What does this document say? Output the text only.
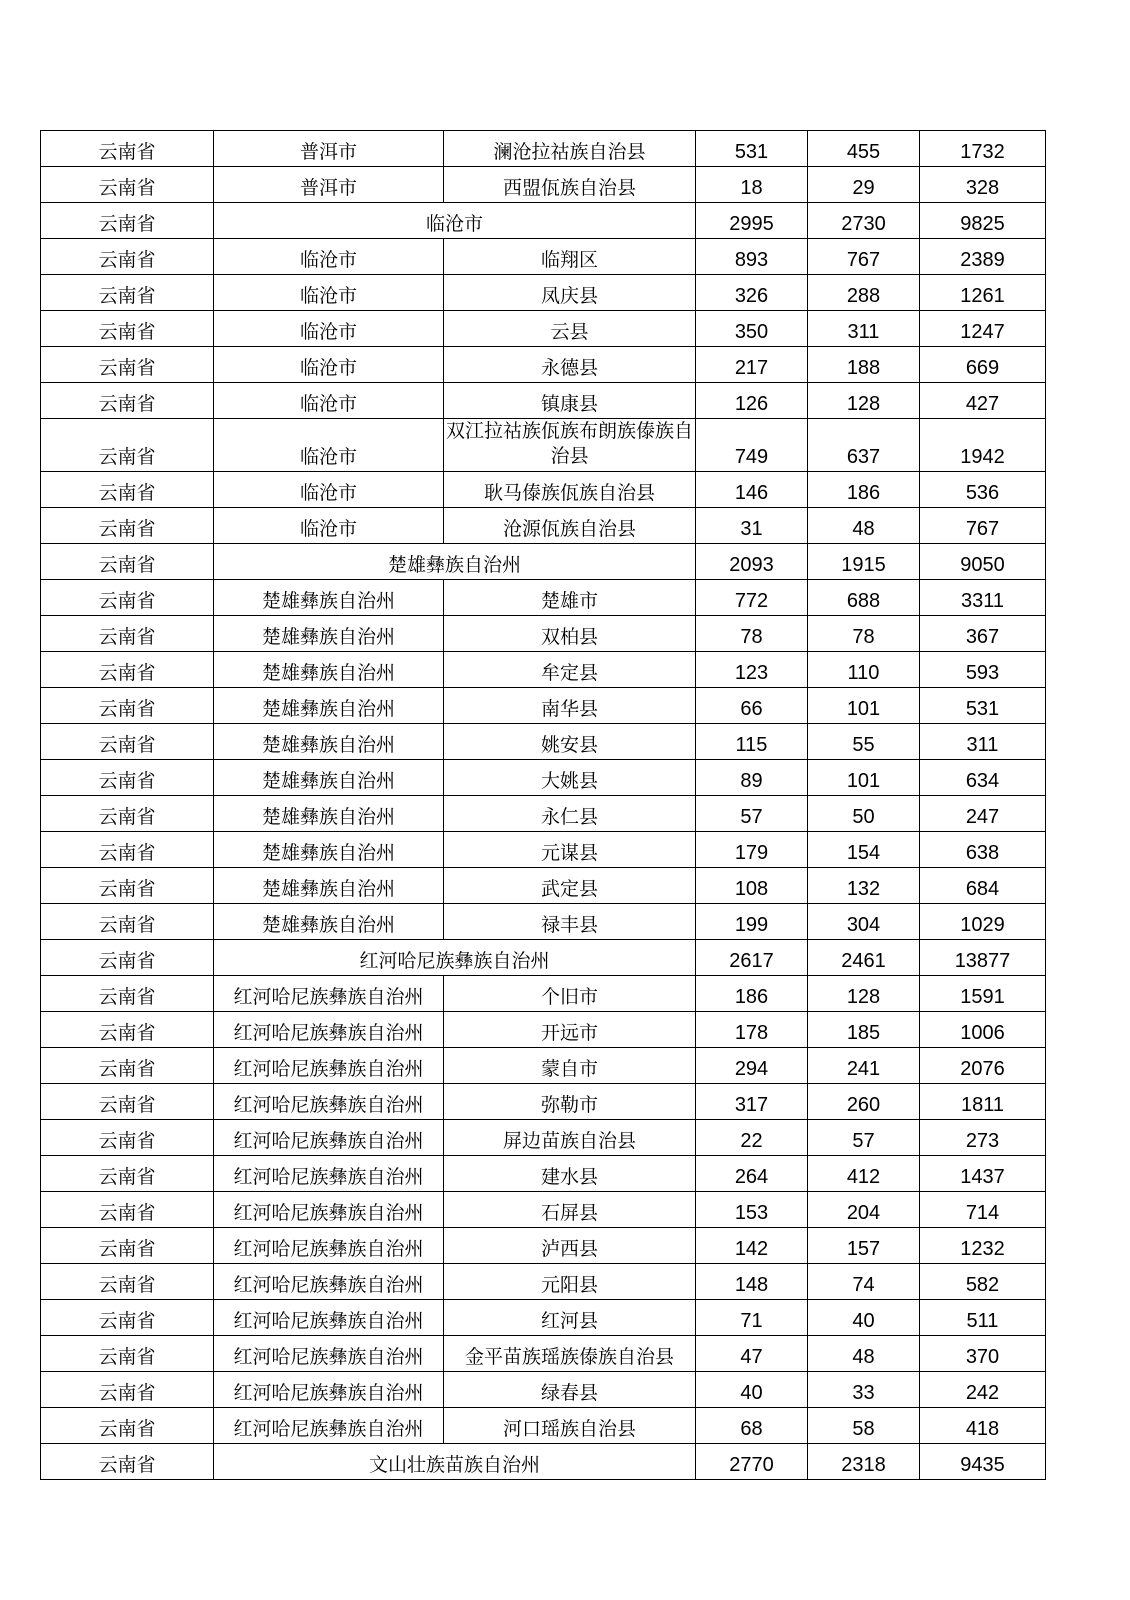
云南省	普洱市	澜沧拉祜族自治县	531	455	1732
云南省	普洱市	西盟佤族自治县	18	29	328
云南省	临沧市		2995	2730	9825
云南省	临沧市	临翔区	893	767	2389
云南省	临沧市	凤庆县	326	288	1261
云南省	临沧市	云县	350	311	1247
云南省	临沧市	永德县	217	188	669
云南省	临沧市	镇康县	126	128	427
云南省	临沧市	双江拉祜族佤族布朗族傣族自治县	749	637	1942
云南省	临沧市	耿马傣族佤族自治县	146	186	536
云南省	临沧市	沧源佤族自治县	31	48	767
云南省	楚雄彝族自治州		2093	1915	9050
云南省	楚雄彝族自治州	楚雄市	772	688	3311
云南省	楚雄彝族自治州	双柏县	78	78	367
云南省	楚雄彝族自治州	牟定县	123	110	593
云南省	楚雄彝族自治州	南华县	66	101	531
云南省	楚雄彝族自治州	姚安县	115	55	311
云南省	楚雄彝族自治州	大姚县	89	101	634
云南省	楚雄彝族自治州	永仁县	57	50	247
云南省	楚雄彝族自治州	元谋县	179	154	638
云南省	楚雄彝族自治州	武定县	108	132	684
云南省	楚雄彝族自治州	禄丰县	199	304	1029
云南省	红河哈尼族彝族自治州		2617	2461	13877
云南省	红河哈尼族彝族自治州	个旧市	186	128	1591
云南省	红河哈尼族彝族自治州	开远市	178	185	1006
云南省	红河哈尼族彝族自治州	蒙自市	294	241	2076
云南省	红河哈尼族彝族自治州	弥勒市	317	260	1811
云南省	红河哈尼族彝族自治州	屏边苗族自治县	22	57	273
云南省	红河哈尼族彝族自治州	建水县	264	412	1437
云南省	红河哈尼族彝族自治州	石屏县	153	204	714
云南省	红河哈尼族彝族自治州	泸西县	142	157	1232
云南省	红河哈尼族彝族自治州	元阳县	148	74	582
云南省	红河哈尼族彝族自治州	红河县	71	40	511
云南省	红河哈尼族彝族自治州	金平苗族瑶族傣族自治县	47	48	370
云南省	红河哈尼族彝族自治州	绿春县	40	33	242
云南省	红河哈尼族彝族自治州	河口瑶族自治县	68	58	418
云南省	文山壮族苗族自治州		2770	2318	9435
